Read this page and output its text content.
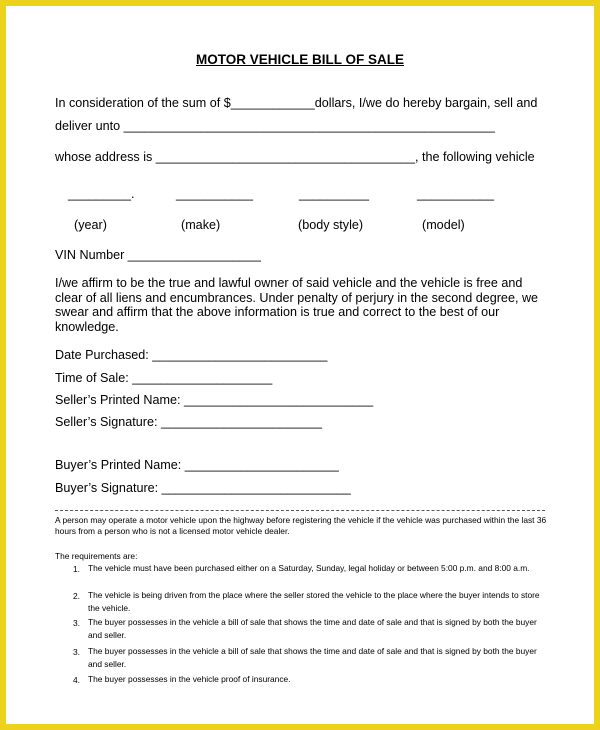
MOTOR VEHICLE BILL OF SALE
In consideration of the sum of $____________dollars, I/we do hereby bargain, sell and
deliver unto _____________________________________________________
whose address is _____________________________________, the following vehicle
_________.	___________	__________	___________
(year)	(make)	(body style)	(model)
VIN Number ___________________
I/we affirm to be the true and lawful owner of said vehicle and the vehicle is free and clear of all liens and encumbrances. Under penalty of perjury in the second degree, we swear and affirm that the above information is true and correct to the best of our knowledge.
Date Purchased: _________________________
Time of Sale: ____________________
Seller’s Printed Name: ___________________________
Seller’s Signature: _______________________
Buyer’s Printed Name: ______________________
Buyer’s Signature: ___________________________
A person may operate a motor vehicle upon the highway before registering the vehicle if the vehicle was purchased within the last 36 hours from a person who is not a licensed motor vehicle dealer.
The requirements are:
1. The vehicle must have been purchased either on a Saturday, Sunday, legal holiday or between 5:00 p.m. and 8:00 a.m.
2. The vehicle is being driven from the place where the seller stored the vehicle to the place where the buyer intends to store the vehicle.
3. The buyer possesses in the vehicle a bill of sale that shows the time and date of sale and that is signed by both the buyer and seller.
3. The buyer possesses in the vehicle a bill of sale that shows the time and date of sale and that is signed by both the buyer and seller.
4. The buyer possesses in the vehicle proof of insurance.
